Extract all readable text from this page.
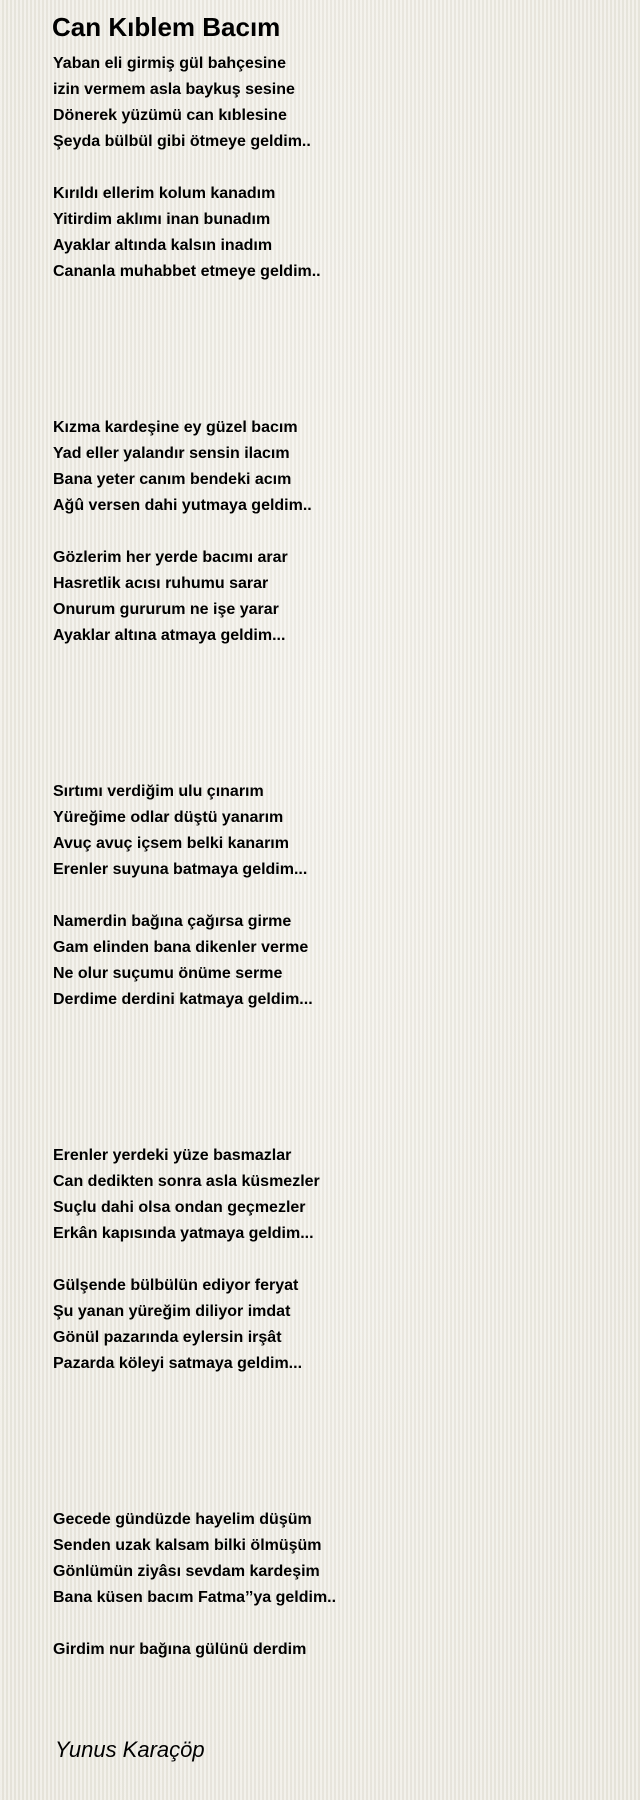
Can Kıblem Bacım
Yaban eli girmiş gül bahçesine
izin vermem asla baykuş sesine
Dönerek yüzümü can kıblesine
Şeyda bülbül gibi ötmeye geldim..
Kırıldı ellerim kolum kanadım
Yitirdim aklımı inan bunadım
Ayaklar altında kalsın inadım
Cananla muhabbet etmeye geldim..
Kızma kardeşine ey güzel bacım
Yad eller yalandır sensin ilacım
Bana yeter canım bendeki acım
Ağû versen dahi yutmaya geldim..
Gözlerim her yerde bacımı arar
Hasretlik acısı ruhumu sarar
Onurum gururum ne işe yarar
Ayaklar altına atmaya geldim...
Sırtımı verdiğim ulu çınarım
Yüreğime odlar düştü yanarım
Avuç avuç içsem belki kanarım
Erenler suyuna batmaya geldim...
Namerdin bağına çağırsa girme
Gam elinden bana dikenler verme
Ne olur suçumu önüme serme
Derdime derdini katmaya geldim...
Erenler yerdeki yüze basmazlar
Can dedikten sonra asla küsmezler
Suçlu dahi olsa ondan geçmezler
Erkân kapısında yatmaya geldim...
Gülşende bülbülün ediyor feryat
Şu yanan yüreğim diliyor imdat
Gönül pazarında eylersin irşât
Pazarda köleyi satmaya geldim...
Gecede gündüzde hayelim düşüm
Senden uzak kalsam bilki ölmüşüm
Gönlümün ziyâsı sevdam kardeşim
Bana küsen bacım Fatma’’ya geldim..
Girdim nur bağına gülünü derdim
Yunus Karaçöp
